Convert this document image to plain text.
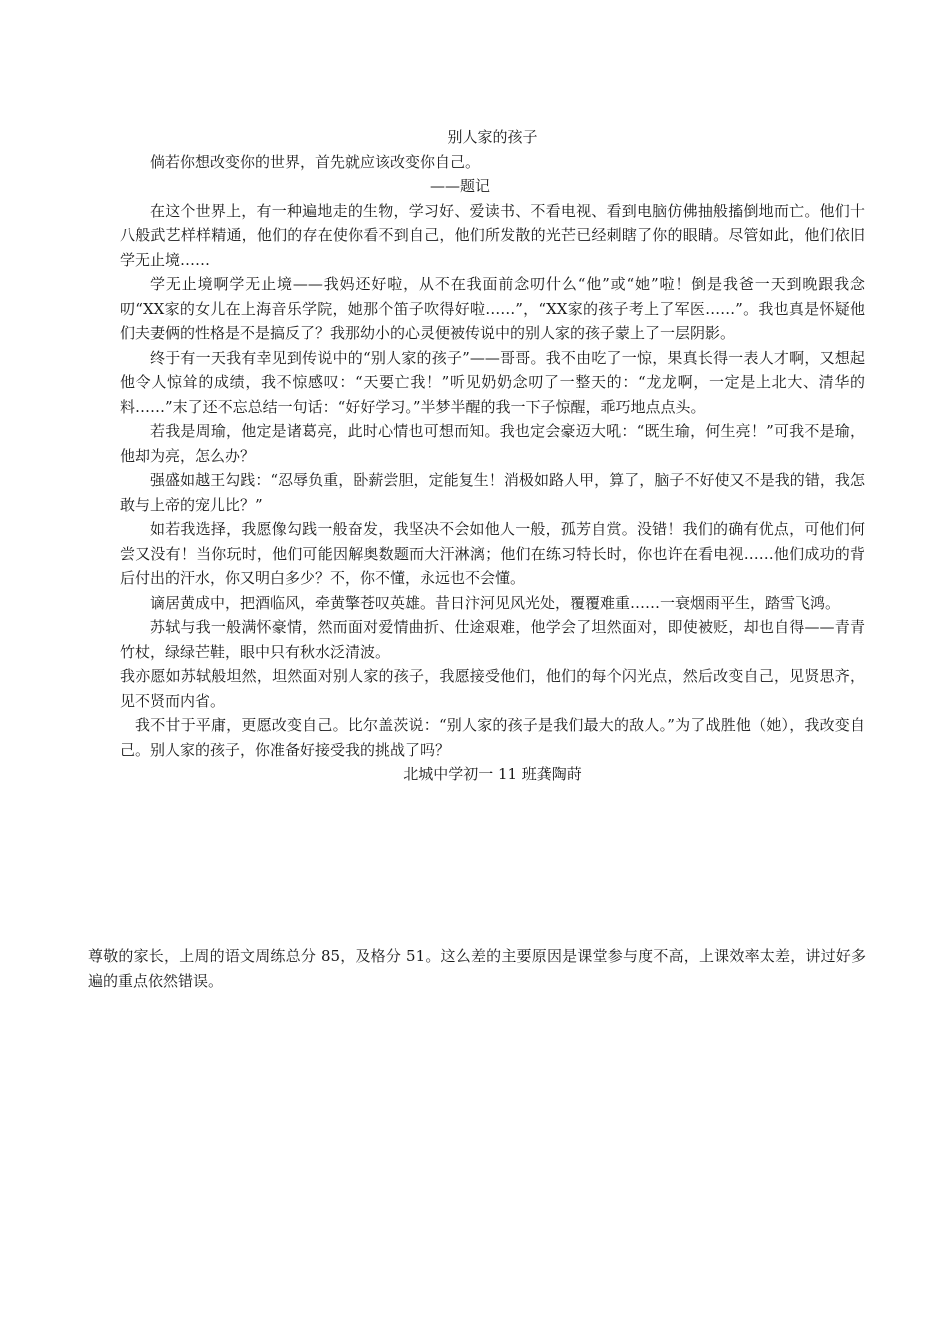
别人家的孩子

倘若你想改变你的世界，首先就应该改变你自己。

——题记

在这个世界上，有一种遍地走的生物，学习好、爱读书、不看电视、看到电脑仿佛抽般搐倒地而亡。他们十八般武艺样样精通，他们的存在使你看不到自己，他们所发散的光芒已经刺瞎了你的眼睛。尽管如此，他们依旧学无止境……

学无止境啊学无止境——我妈还好啦，从不在我面前念叨什么“他”或“她”啦！倒是我爸一天到晚跟我念叨“XX家的女儿在上海音乐学院，她那个笛子吹得好啦……”，“XX家的孩子考上了军医……”。我也真是怀疑他们夫妻俩的性格是不是搞反了？我那幼小的心灵便被传说中的别人家的孩子蒙上了一层阴影。

终于有一天我有幸见到传说中的“别人家的孩子”——哥哥。我不由吃了一惊，果真长得一表人才啊，又想起他令人惊耸的成绩，我不惊感叹：“天要亡我！”听见奶奶念叨了一整天的：“龙龙啊，一定是上北大、清华的料……”末了还不忘总结一句话：“好好学习。”半梦半醒的我一下子惊醒，乖巧地点点头。

若我是周瑜，他定是诸葛亮，此时心情也可想而知。我也定会豪迈大吼：“既生瑜，何生亮！”可我不是瑜，他却为亮，怎么办？

强盛如越王勾践：“忍辱负重，卧薪尝胆，定能复生！消极如路人甲，算了，脑子不好使又不是我的错，我怎敢与上帝的宠儿比？”

如若我选择，我愿像勾践一般奋发，我坚决不会如他人一般，孤芳自赏。没错！我们的确有优点，可他们何尝又没有！当你玩时，他们可能因解奥数题而大汗淋漓；他们在练习特长时，你也许在看电视……他们成功的背后付出的汗水，你又明白多少？不，你不懂，永远也不会懂。

谪居黄成中，把酒临风，牵黄擎苍叹英雄。昔日汴河见风光处，覆覆难重……一衰烟雨平生，踏雪飞鸿。

苏轼与我一般满怀豪情，然而面对爱情曲折、仕途艰难，他学会了坦然面对，即使被贬，却也自得——青青竹杖，绿绿芒鞋，眼中只有秋水泛清波。

我亦愿如苏轼般坦然，坦然面对别人家的孩子，我愿接受他们，他们的每个闪光点，然后改变自己，见贤思齐，见不贤而内省。

我不甘于平庸，更愿改变自己。比尔盖茨说：“别人家的孩子是我们最大的敌人。”为了战胜他（她），我改变自己。别人家的孩子，你准备好接受我的挑战了吗？

北城中学初一 11 班龚陶莳

尊敬的家长，上周的语文周练总分 85，及格分 51。这么差的主要原因是课堂参与度不高，上课效率太差，讲过好多遍的重点依然错误。
